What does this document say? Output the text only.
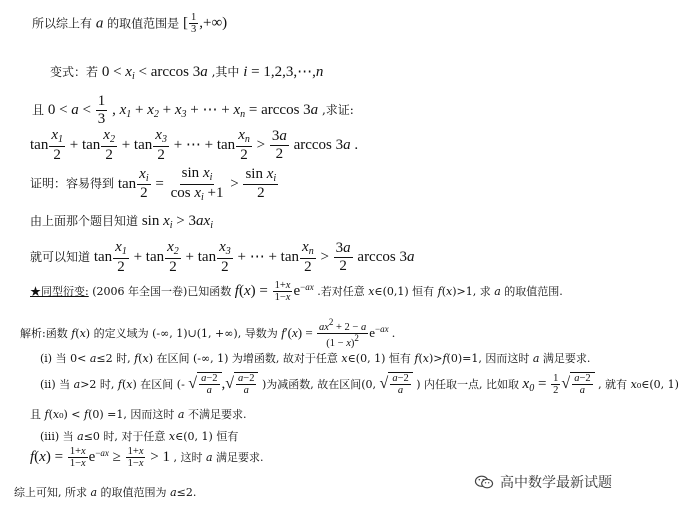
所以综上有 a 的取值范围是 [ 1
3 ,+∞)
变式：若 $0 < x_i < \arccos 3a$ ,其中 i = 1,2,3,⋯,n
且 $0 < a < \frac{1}{3}$ , $x_1 + x_2 + x_3$ + ⋯ + $x_n = \arccos 3a$ ,求证:
$\tan \frac{x_1}{2} + \tan \frac{x_2}{2} + \tan \frac{x_3}{2}$ + ⋯ + $\tan \frac{x_n}{2} > \frac{3a}{2}$ arccos 3a .
证明：容易得到 $\tan \frac{x_i}{2} = \frac{\sin x_i}{\cos x_i +1} > \frac{\sin x_i}{2}$
由上面那个题目知道 $\sin x_i > 3ax_i$
就可以知道 $\tan \frac{x_1}{2} + \tan \frac{x_2}{2} + \tan \frac{x_3}{2}$ + ⋯ + $\tan \frac{x_n}{2} > \frac{3a}{2}$ arccos 3a
★同型衍变: (2006 年全国一卷)已知函数 $f(x) = \frac{1+x}{1-x} e^{-ax}$ .若对任意 x∈(0,1) 恒有 f(x)>1, 求 a 的取值范围.
解析:函数 f(x) 的定义域为 (-∞, 1)∪(1, +∞), 导数为 $f'(x) = \frac{ax2 + 2 - a}{(1 - x)2} e^{-ax}$ .
(i) 当 0< a≤2 时, f(x) 在区间 (-∞, 1) 为增函数, 故对于任意 x∈(0, 1) 恒有 f(x)>f(0)=1, 因而这时 a 满足要求.
(ii) 当 a>2 时, f(x) 在区间 (- √ $\frac{a-2}{a}$ ,√ $\frac{a-2}{a}$ )为减函数, 故在区间(0, √ $\frac{a-2}{a}$ ) 内任取一点, 比如取 $x_0 = \frac{1}{2}$ √ $\frac{a-2}{a}$ , 就有 x₀∈(0, 1)
且 f(x₀) < f(0) =1, 因而这时 a 不满足要求.
(iii) 当 a≤0 时, 对于任意 x∈(0, 1) 恒有
$f(x) = \frac{1+x}{1-x} e^{-ax} \ge \frac{1+x}{1-x} > 1$ , 这时 a 满足要求.
综上可知, 所求 a 的取值范围为 a≤2.
高中数学最新试题
